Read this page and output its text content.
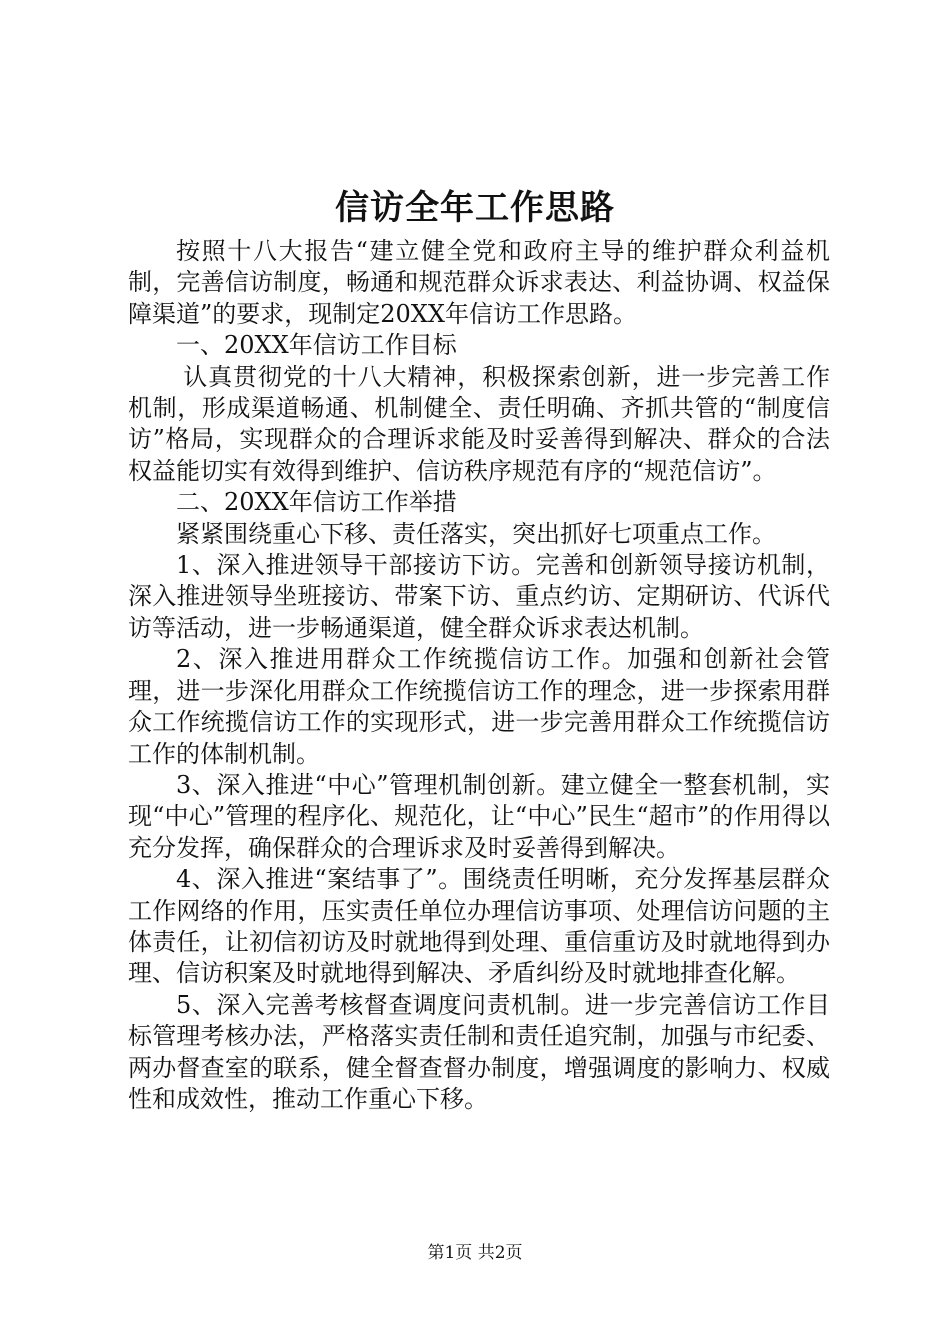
信访全年工作思路

按照十八大报告“建立健全党和政府主导的维护群众利益机制，完善信访制度，畅通和规范群众诉求表达、利益协调、权益保障渠道”的要求，现制定20XX年信访工作思路。

一、20XX年信访工作目标

认真贯彻党的十八大精神，积极探索创新，进一步完善工作机制，形成渠道畅通、机制健全、责任明确、齐抓共管的“制度信访”格局，实现群众的合理诉求能及时妥善得到解决、群众的合法权益能切实有效得到维护、信访秩序规范有序的“规范信访”。

二、20XX年信访工作举措

紧紧围绕重心下移、责任落实，突出抓好七项重点工作。

1、深入推进领导干部接访下访。完善和创新领导接访机制，深入推进领导坐班接访、带案下访、重点约访、定期研访、代诉代访等活动，进一步畅通渠道，健全群众诉求表达机制。

2、深入推进用群众工作统揽信访工作。加强和创新社会管理，进一步深化用群众工作统揽信访工作的理念，进一步探索用群众工作统揽信访工作的实现形式，进一步完善用群众工作统揽信访工作的体制机制。

3、深入推进“中心”管理机制创新。建立健全一整套机制，实现“中心”管理的程序化、规范化，让“中心”民生“超市”的作用得以充分发挥，确保群众的合理诉求及时妥善得到解决。

4、深入推进“案结事了”。围绕责任明晰，充分发挥基层群众工作网络的作用，压实责任单位办理信访事项、处理信访问题的主体责任，让初信初访及时就地得到处理、重信重访及时就地得到办理、信访积案及时就地得到解决、矛盾纠纷及时就地排查化解。

5、深入完善考核督查调度问责机制。进一步完善信访工作目标管理考核办法，严格落实责任制和责任追究制，加强与市纪委、两办督查室的联系，健全督查督办制度，增强调度的影响力、权威性和成效性，推动工作重心下移。

第1页 共2页
